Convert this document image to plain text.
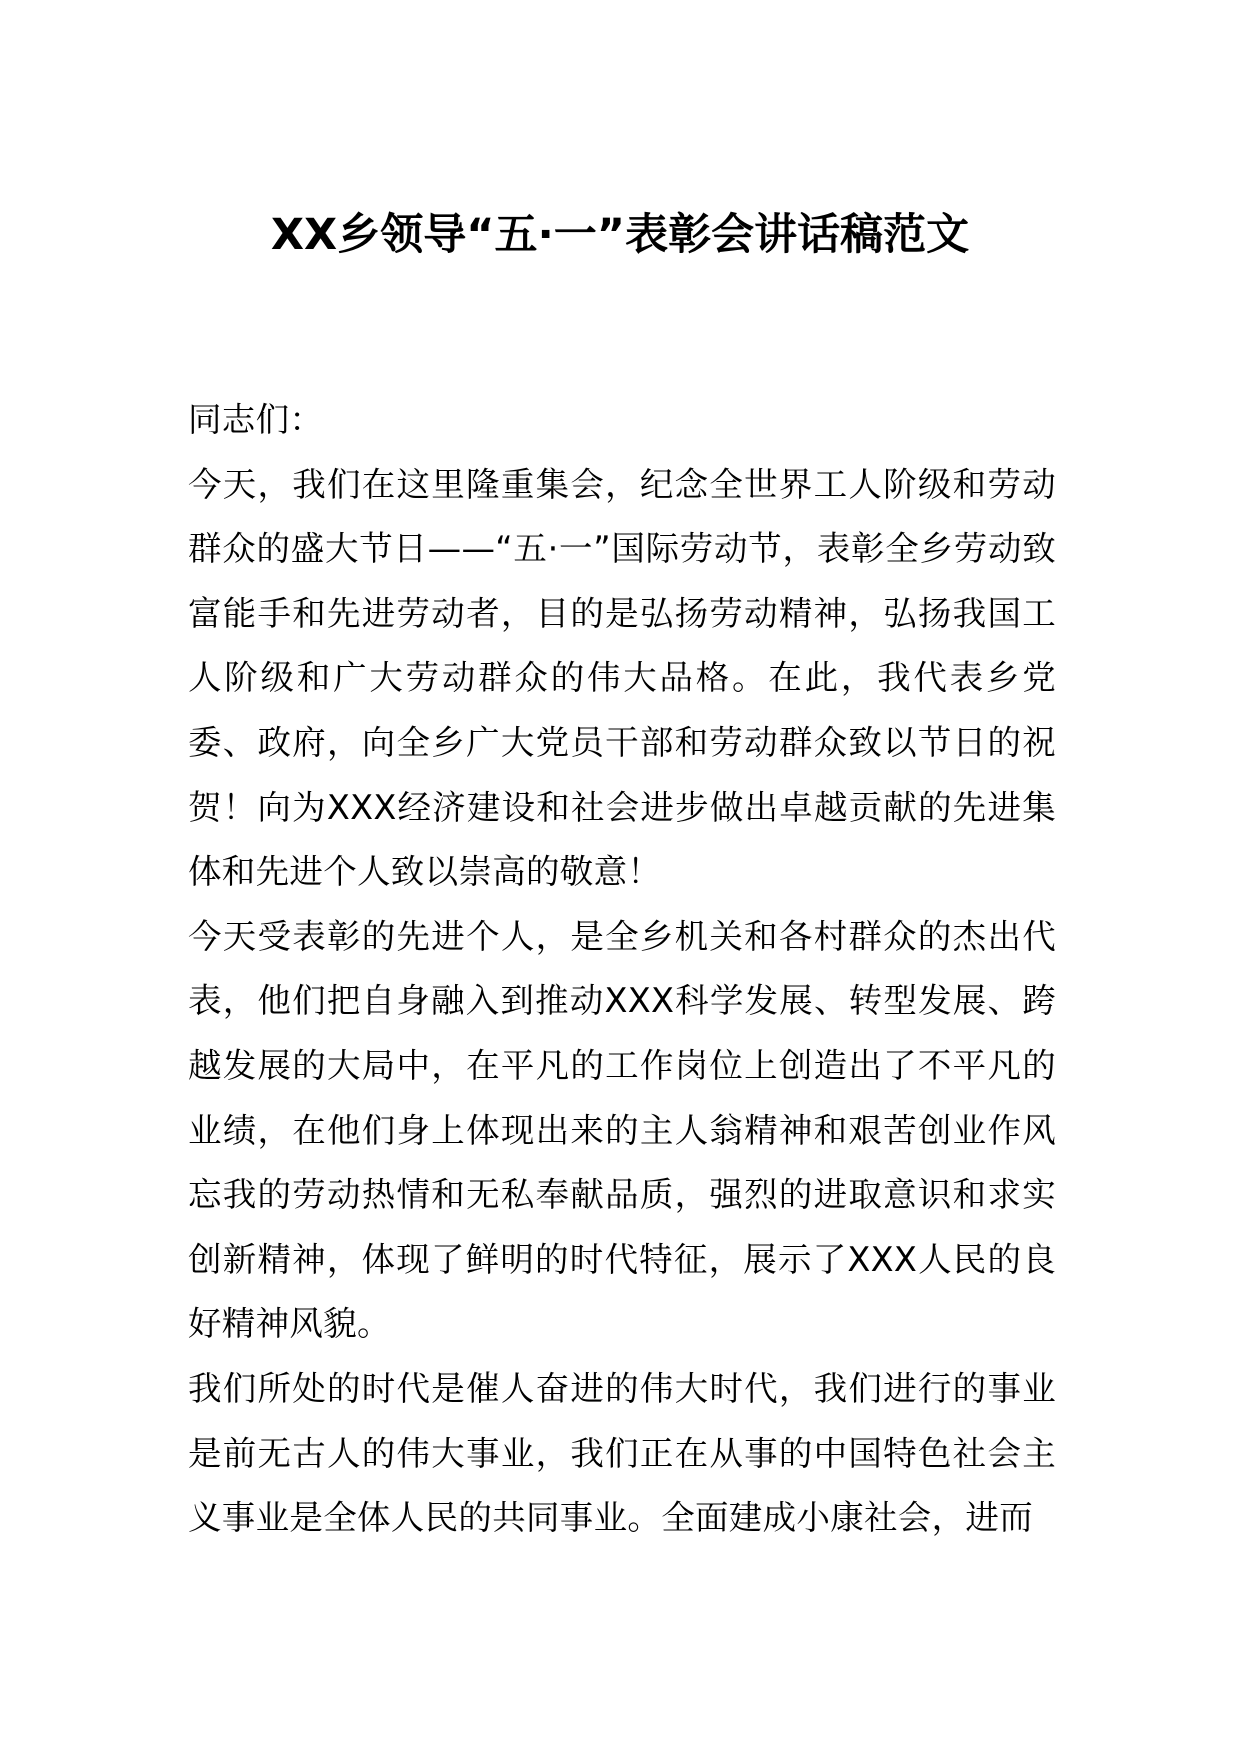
XX乡领导“五·一”表彰会讲话稿范文

同志们：

今天，我们在这里隆重集会，纪念全世界工人阶级和劳动群众的盛大节日——“五·一”国际劳动节，表彰全乡劳动致富能手和先进劳动者，目的是弘扬劳动精神，弘扬我国工人阶级和广大劳动群众的伟大品格。在此，我代表乡党委、政府，向全乡广大党员干部和劳动群众致以节日的祝贺！向为XXX经济建设和社会进步做出卓越贡献的先进集体和先进个人致以崇高的敬意！

今天受表彰的先进个人，是全乡机关和各村群众的杰出代表，他们把自身融入到推动XXX科学发展、转型发展、跨越发展的大局中，在平凡的工作岗位上创造出了不平凡的业绩，在他们身上体现出来的主人翁精神和艰苦创业作风忘我的劳动热情和无私奉献品质，强烈的进取意识和求实创新精神，体现了鲜明的时代特征，展示了XXX人民的良好精神风貌。

我们所处的时代是催人奋进的伟大时代，我们进行的事业是前无古人的伟大事业，我们正在从事的中国特色社会主义事业是全体人民的共同事业。全面建成小康社会，进而
